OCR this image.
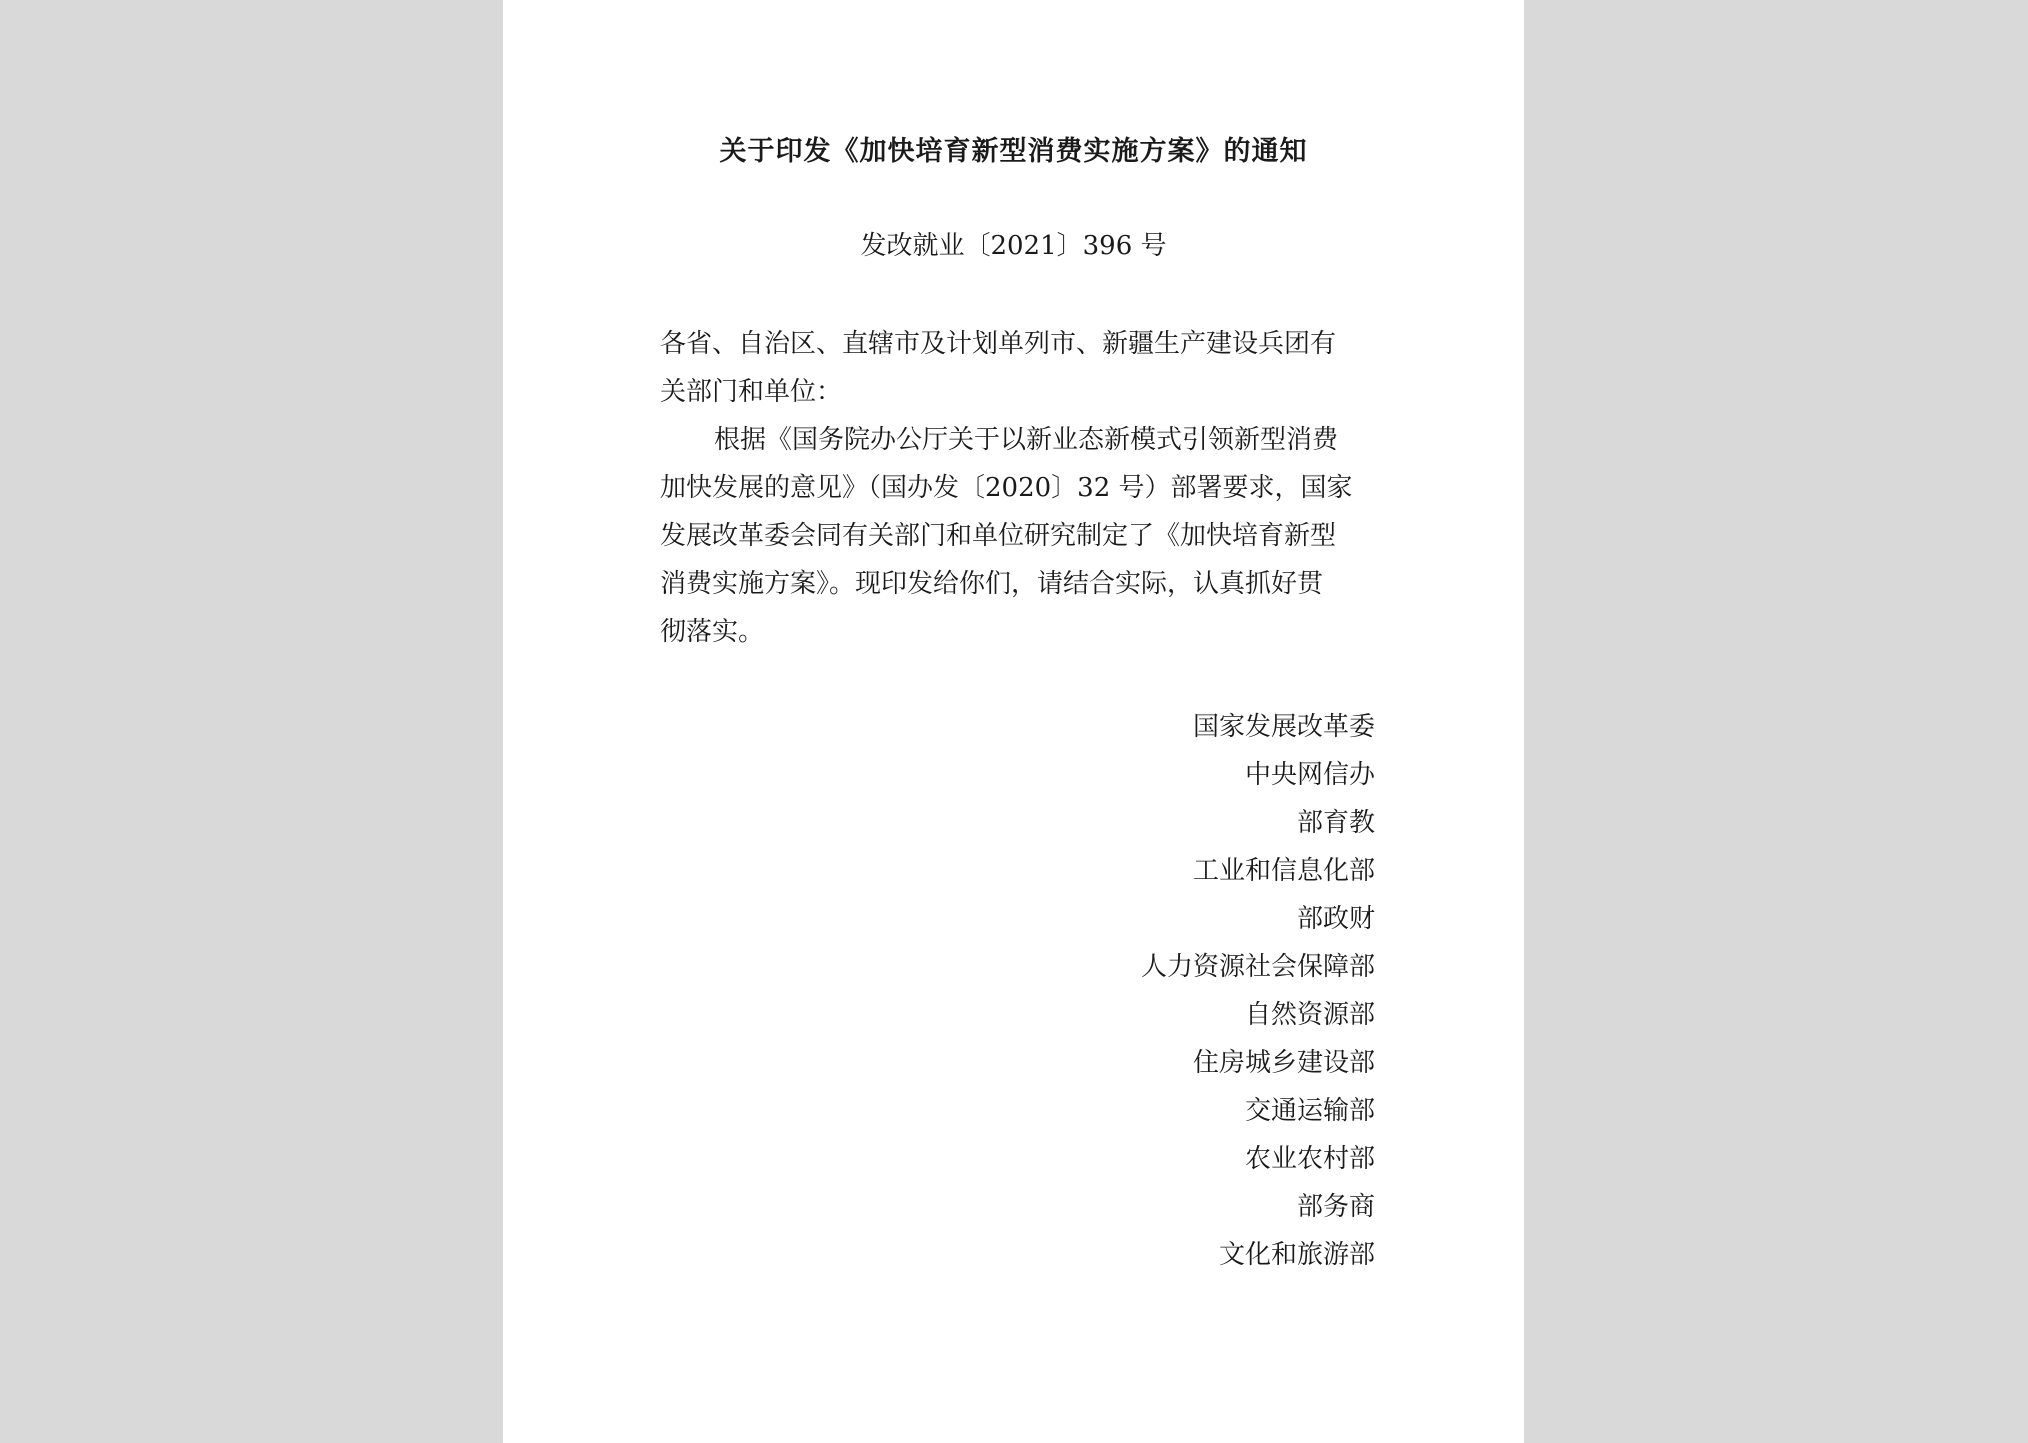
关于印发《加快培育新型消费实施方案》的通知
发改就业〔2021〕396 号
各省、自治区、直辖市及计划单列市、新疆生产建设兵团有
关部门和单位：
根据《国务院办公厅关于以新业态新模式引领新型消费
加快发展的意见》（国办发〔2020〕32 号）部署要求，国家
发展改革委会同有关部门和单位研究制定了《加快培育新型
消费实施方案》。现印发给你们，请结合实际，认真抓好贯
彻落实。
国家发展改革委
中央网信办
部育教
工业和信息化部
部政财
人力资源社会保障部
自然资源部
住房城乡建设部
交通运输部
农业农村部
部务商
文化和旅游部
